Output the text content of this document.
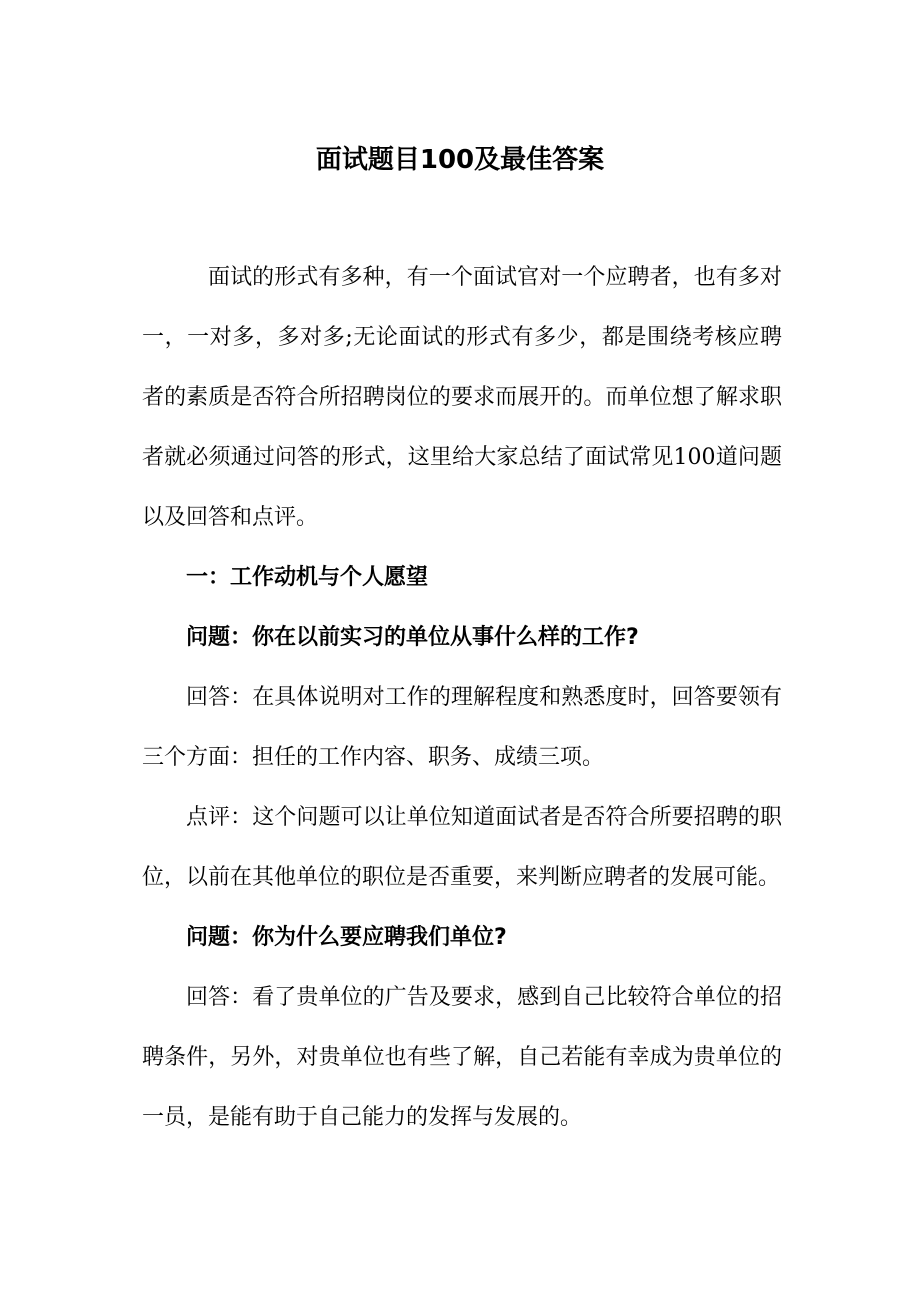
面试题目100及最佳答案

面试的形式有多种，有一个面试官对一个应聘者，也有多对一，一对多，多对多;无论面试的形式有多少，都是围绕考核应聘者的素质是否符合所招聘岗位的要求而展开的。而单位想了解求职者就必须通过问答的形式，这里给大家总结了面试常见100道问题以及回答和点评。

一：工作动机与个人愿望

问题：你在以前实习的单位从事什么样的工作?

回答：在具体说明对工作的理解程度和熟悉度时，回答要领有三个方面：担任的工作内容、职务、成绩三项。

点评：这个问题可以让单位知道面试者是否符合所要招聘的职位，以前在其他单位的职位是否重要，来判断应聘者的发展可能。

问题：你为什么要应聘我们单位?

回答：看了贵单位的广告及要求，感到自己比较符合单位的招聘条件，另外，对贵单位也有些了解，自己若能有幸成为贵单位的一员，是能有助于自己能力的发挥与发展的。
